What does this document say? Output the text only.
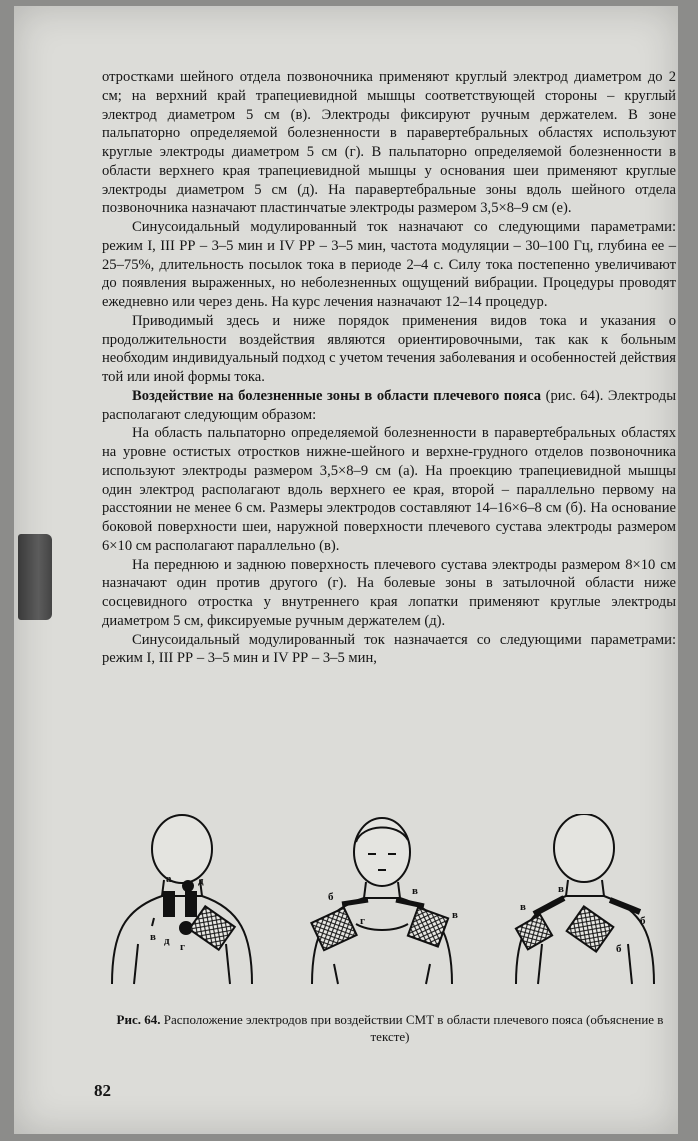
отростками шейного отдела позвоночника применяют круглый электрод диаметром до 2 см; на верхний край трапециевидной мышцы соответствующей стороны – круглый электрод диаметром 5 см (в). Электроды фиксируют ручным держателем. В зоне пальпаторно определяемой болезненности в паравертебральных областях используют круглые электроды диаметром 5 см (г). В пальпаторно определяемой болезненности в области верхнего края трапециевидной мышцы у основания шеи применяют круглые электроды диаметром 5 см (д). На паравертебральные зоны вдоль шейного отдела позвоночника назначают пластинчатые электроды размером 3,5×8–9 см (е).

Синусоидальный модулированный ток назначают со следующими параметрами: режим I, III РР – 3–5 мин и IV РР – 3–5 мин, частота модуляции – 30–100 Гц, глубина ее – 25–75%, длительность посылок тока в периоде 2–4 с. Силу тока постепенно увеличивают до появления выраженных, но неболезненных ощущений вибрации. Процедуры проводят ежедневно или через день. На курс лечения назначают 12–14 процедур.

Приводимый здесь и ниже порядок применения видов тока и указания о продолжительности воздействия являются ориентировочными, так как к больным необходим индивидуальный подход с учетом течения заболевания и особенностей действия той или иной формы тока.

Воздействие на болезненные зоны в области плечевого пояса (рис. 64). Электроды располагают следующим образом:

На область пальпаторно определяемой болезненности в паравертебральных областях на уровне остистых отростков нижне-шейного и верхне-грудного отделов позвоночника используют электроды размером 3,5×8–9 см (а). На проекцию трапециевидной мышцы один электрод располагают вдоль верхнего ее края, второй – параллельно первому на расстоянии не менее 6 см. Размеры электродов составляют 14–16×6–8 см (б). На основание боковой поверхности шеи, наружной поверхности плечевого сустава электроды размером 6×10 см располагают параллельно (в).

На переднюю и заднюю поверхность плечевого сустава электроды размером 8×10 см назначают один против другого (г). На болевые зоны в затылочной области ниже сосцевидного отростка у внутреннего края лопатки применяют круглые электроды диаметром 5 см, фиксируемые ручным держателем (д).

Синусоидальный модулированный ток назначается со следующими параметрами: режим I, III РР – 3–5 мин и IV РР – 3–5 мин,

а д
в д г
б	в
г	в
в
в
б
б
Рис. 64. Расположение электродов при воздействии СМТ в области плечевого пояса (объяснение в тексте)
82
